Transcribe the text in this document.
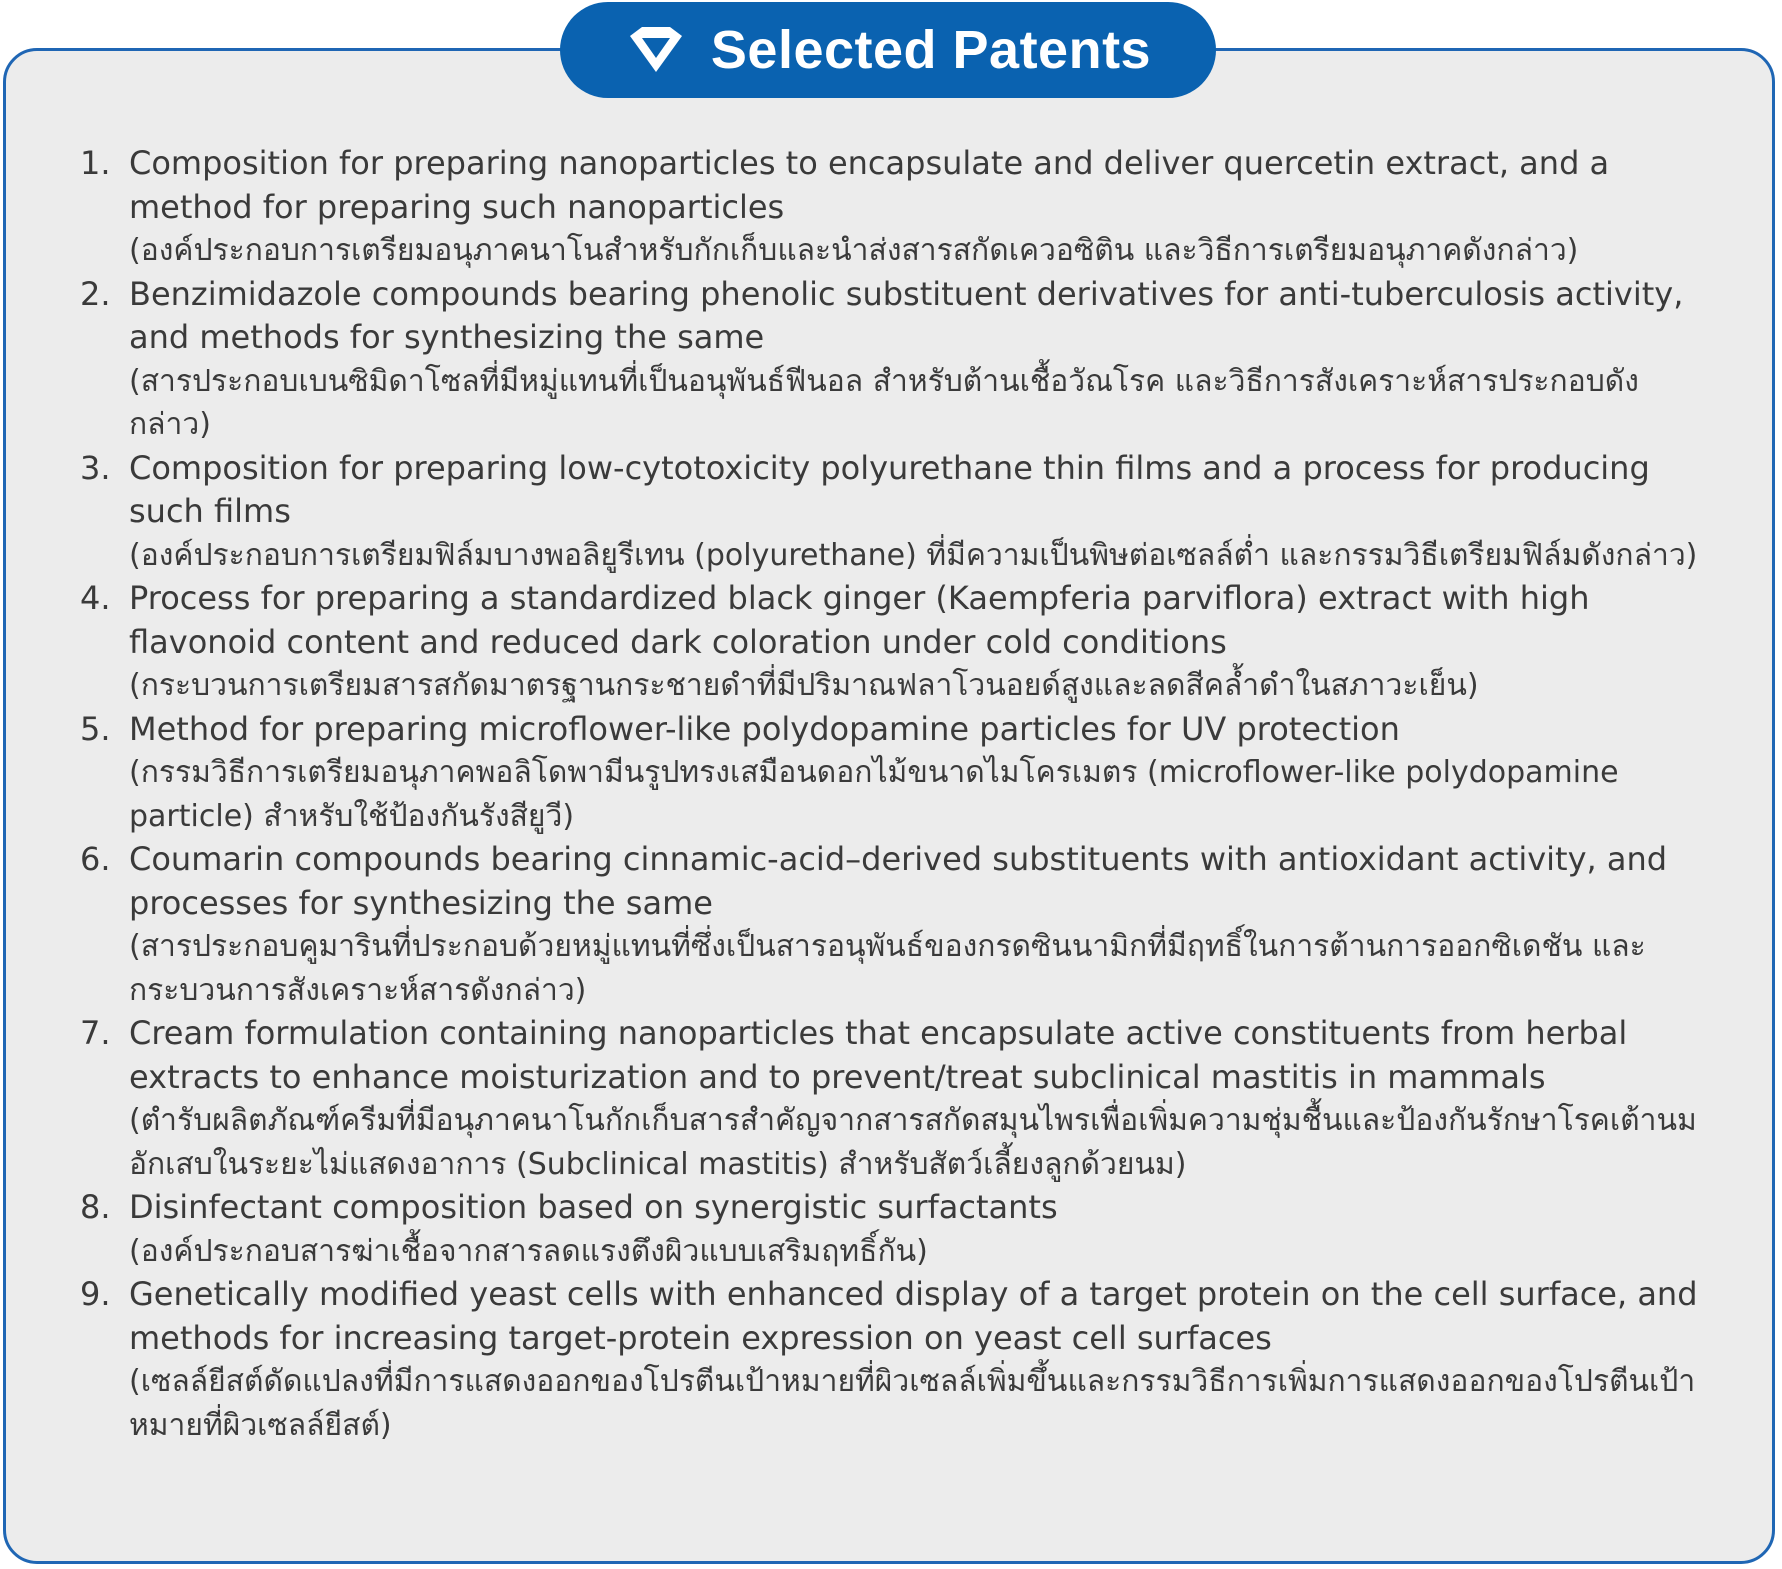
Selected Patents
1. Composition for preparing nanoparticles to encapsulate and deliver quercetin extract, and a method for preparing such nanoparticles
(องค์ประกอบการเตรียมอนุภาคนาโนสำหรับกักเก็บและนำส่งสารสกัดเควอซิติน และวิธีการเตรียมอนุภาคดังกล่าว)
2. Benzimidazole compounds bearing phenolic substituent derivatives for anti-tuberculosis activity, and methods for synthesizing the same
(สารประกอบเบนซิมิดาโซลที่มีหมู่แทนที่เป็นอนุพันธ์ฟีนอล สำหรับต้านเชื้อวัณโรค และวิธีการสังเคราะห์สารประกอบดังกล่าว)
3. Composition for preparing low-cytotoxicity polyurethane thin films and a process for producing such films
(องค์ประกอบการเตรียมฟิล์มบางพอลิยูรีเทน (polyurethane) ที่มีความเป็นพิษต่อเซลล์ต่ำ และกรรมวิธีเตรียมฟิล์มดังกล่าว)
4. Process for preparing a standardized black ginger (Kaempferia parviflora) extract with high flavonoid content and reduced dark coloration under cold conditions
(กระบวนการเตรียมสารสกัดมาตรฐานกระชายดำที่มีปริมาณฟลาโวนอยด์สูงและลดสีคล้ำดำในสภาวะเย็น)
5. Method for preparing microflower-like polydopamine particles for UV protection
(กรรมวิธีการเตรียมอนุภาคพอลิโดพามีนรูปทรงเสมือนดอกไม้ขนาดไมโครเมตร (microflower-like polydopamine particle) สำหรับใช้ป้องกันรังสียูวี)
6. Coumarin compounds bearing cinnamic-acid–derived substituents with antioxidant activity, and processes for synthesizing the same
(สารประกอบคูมารินที่ประกอบด้วยหมู่แทนที่ซึ่งเป็นสารอนุพันธ์ของกรดซินนามิกที่มีฤทธิ์ในการต้านการออกซิเดชัน และกระบวนการสังเคราะห์สารดังกล่าว)
7. Cream formulation containing nanoparticles that encapsulate active constituents from herbal extracts to enhance moisturization and to prevent/treat subclinical mastitis in mammals
(ตำรับผลิตภัณฑ์ครีมที่มีอนุภาคนาโนกักเก็บสารสำคัญจากสารสกัดสมุนไพรเพื่อเพิ่มความชุ่มชื้นและป้องกันรักษาโรคเต้านมอักเสบในระยะไม่แสดงอาการ (Subclinical mastitis) สำหรับสัตว์เลี้ยงลูกด้วยนม)
8. Disinfectant composition based on synergistic surfactants
(องค์ประกอบสารฆ่าเชื้อจากสารลดแรงตึงผิวแบบเสริมฤทธิ์กัน)
9. Genetically modified yeast cells with enhanced display of a target protein on the cell surface, and methods for increasing target-protein expression on yeast cell surfaces
(เซลล์ยีสต์ดัดแปลงที่มีการแสดงออกของโปรตีนเป้าหมายที่ผิวเซลล์เพิ่มขึ้นและกรรมวิธีการเพิ่มการแสดงออกของโปรตีนเป้าหมายที่ผิวเซลล์ยีสต์)
